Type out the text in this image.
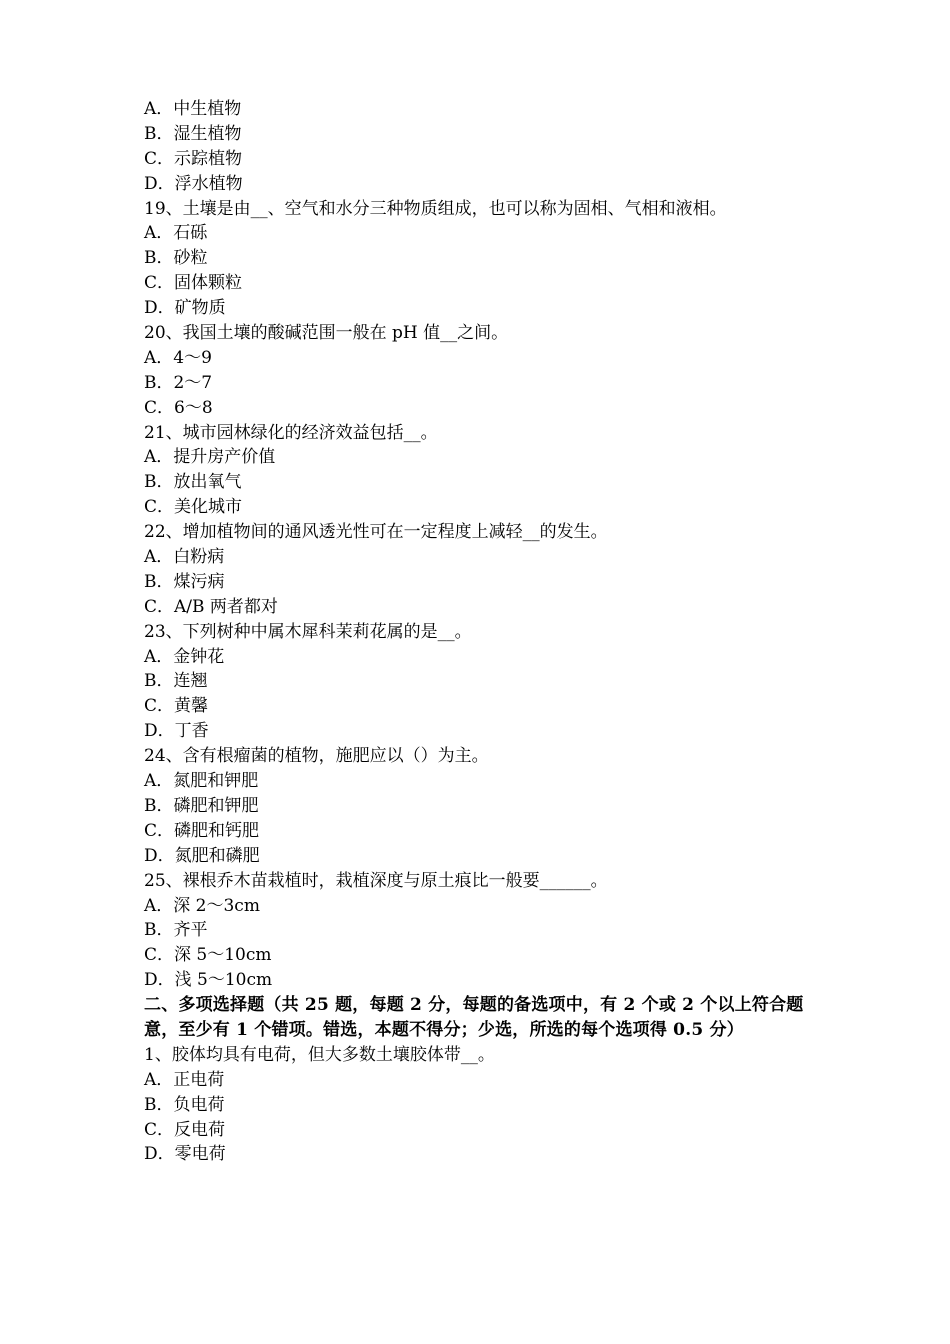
A．中生植物
B．湿生植物
C．示踪植物
D．浮水植物
19、土壤是由__、空气和水分三种物质组成，也可以称为固相、气相和液相。
A．石砾
B．砂粒
C．固体颗粒
D．矿物质
20、我国土壤的酸碱范围一般在 pH 值__之间。
A．4～9
B．2～7
C．6～8
21、城市园林绿化的经济效益包括__。
A．提升房产价值
B．放出氧气
C．美化城市
22、增加植物间的通风透光性可在一定程度上减轻__的发生。
A．白粉病
B．煤污病
C．A/B 两者都对
23、下列树种中属木犀科茉莉花属的是__。
A．金钟花
B．连翘
C．黄馨
D．丁香
24、含有根瘤菌的植物，施肥应以（）为主。
A．氮肥和钾肥
B．磷肥和钾肥
C．磷肥和钙肥
D．氮肥和磷肥
25、裸根乔木苗栽植时，栽植深度与原土痕比一般要______。
A．深 2～3cm
B．齐平
C．深 5～10cm
D．浅 5～10cm
二、多项选择题（共 25 题，每题 2 分，每题的备选项中，有 2 个或 2 个以上符合题意，至少有 1 个错项。错选，本题不得分；少选，所选的每个选项得 0.5 分）
1、胶体均具有电荷，但大多数土壤胶体带__。
A．正电荷
B．负电荷
C．反电荷
D．零电荷
